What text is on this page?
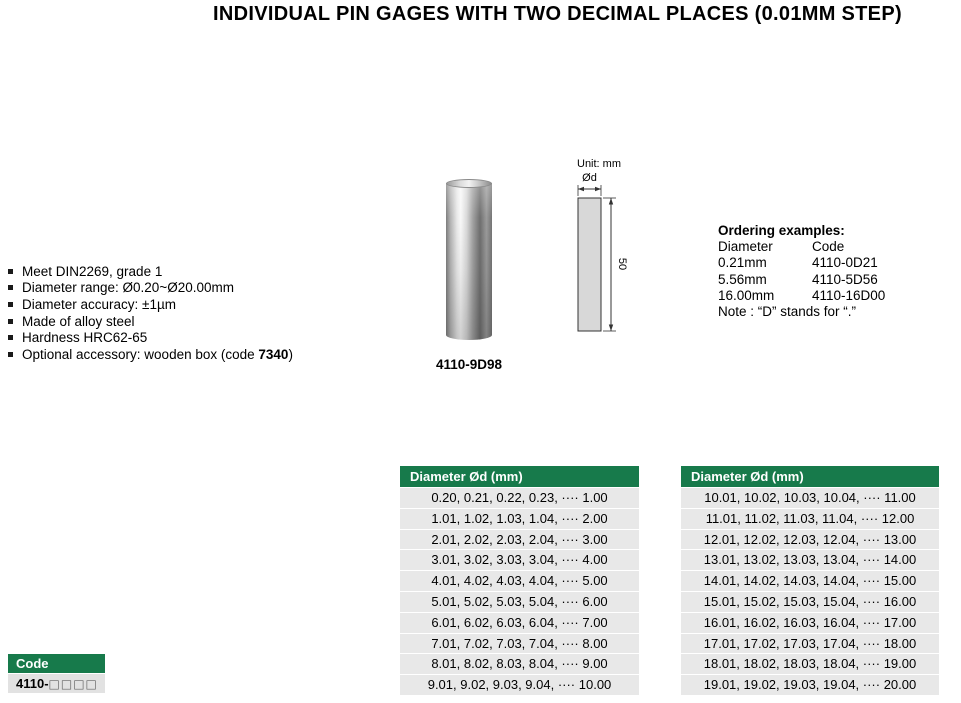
INDIVIDUAL PIN GAGES WITH TWO DECIMAL PLACES (0.01MM STEP)
Meet DIN2269, grade 1
Diameter range: Ø0.20~Ø20.00mm
Diameter accuracy: ±1µm
Made of alloy steel
Hardness HRC62-65
Optional accessory: wooden box (code 7340)
4110-9D98
Unit: mm
Ød
50
Ordering examples:
Diameter	Code
0.21mm	4110-0D21
5.56mm	4110-5D56
16.00mm	4110-16D00
Note : “D” stands for “.”
Diameter Ød (mm)
0.20, 0.21, 0.22, 0.23, ···· 1.00
1.01, 1.02, 1.03, 1.04, ···· 2.00
2.01, 2.02, 2.03, 2.04, ···· 3.00
3.01, 3.02, 3.03, 3.04, ···· 4.00
4.01, 4.02, 4.03, 4.04, ···· 5.00
5.01, 5.02, 5.03, 5.04, ···· 6.00
6.01, 6.02, 6.03, 6.04, ···· 7.00
7.01, 7.02, 7.03, 7.04, ···· 8.00
8.01, 8.02, 8.03, 8.04, ···· 9.00
9.01, 9.02, 9.03, 9.04, ···· 10.00
Diameter Ød (mm)
10.01, 10.02, 10.03, 10.04, ···· 11.00
11.01, 11.02, 11.03, 11.04, ···· 12.00
12.01, 12.02, 12.03, 12.04, ···· 13.00
13.01, 13.02, 13.03, 13.04, ···· 14.00
14.01, 14.02, 14.03, 14.04, ···· 15.00
15.01, 15.02, 15.03, 15.04, ···· 16.00
16.01, 16.02, 16.03, 16.04, ···· 17.00
17.01, 17.02, 17.03, 17.04, ···· 18.00
18.01, 18.02, 18.03, 18.04, ···· 19.00
19.01, 19.02, 19.03, 19.04, ···· 20.00
Code
4110-□□□□
